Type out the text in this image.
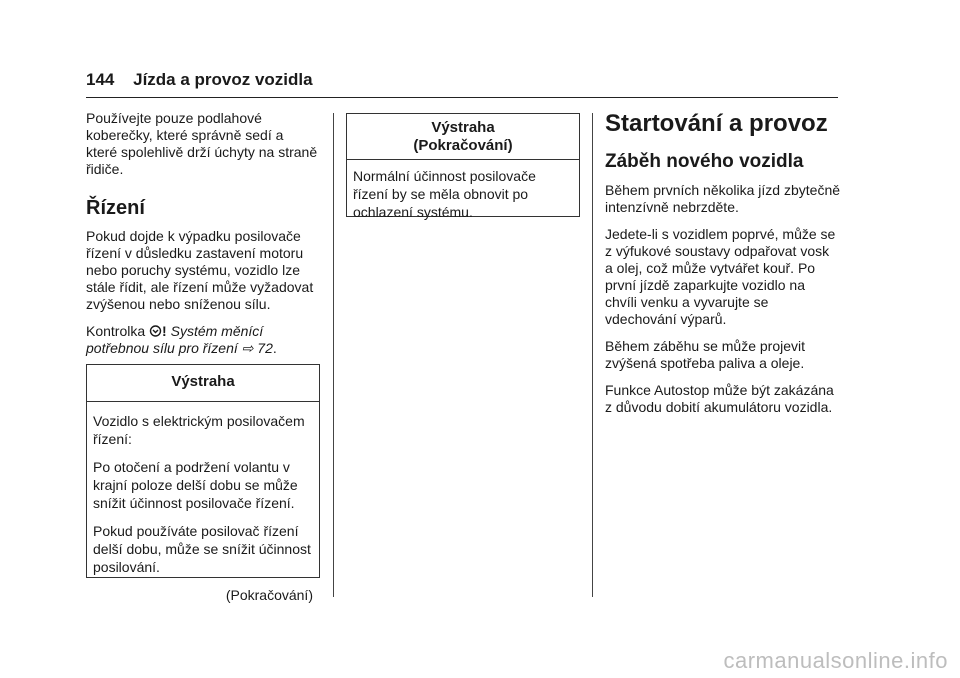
144 Jízda a provoz vozidla

Používejte pouze podlahové koberečky, které správně sedí a které spolehlivě drží úchyty na straně řidiče.

Řízení

Pokud dojde k výpadku posilovače řízení v důsledku zastavení motoru nebo poruchy systému, vozidlo lze stále řídit, ale řízení může vyžadovat zvýšenou nebo sníženou sílu.

Kontrolka ! Systém měnící potřebnou sílu pro řízení ⇨ 72.

Výstraha

Vozidlo s elektrickým posilovačem řízení:

Po otočení a podržení volantu v krajní poloze delší dobu se může snížit účinnost posilovače řízení.

Pokud používáte posilovač řízení delší dobu, může se snížit účinnost posilování.

(Pokračování)
Výstraha
(Pokračování)

Normální účinnost posilovače řízení by se měla obnovit po ochlazení systému.

Startování a provoz
Záběh nového vozidla

Během prvních několika jízd zbytečně intenzívně nebrzděte.

Jedete-li s vozidlem poprvé, může se z výfukové soustavy odpařovat vosk a olej, což může vytvářet kouř. Po první jízdě zaparkujte vozidlo na chvíli venku a vyvarujte se vdechování výparů.

Během záběhu se může projevit zvýšená spotřeba paliva a oleje.

Funkce Autostop může být zakázána z důvodu dobití akumulátoru vozidla.

carmanualsonline.info
